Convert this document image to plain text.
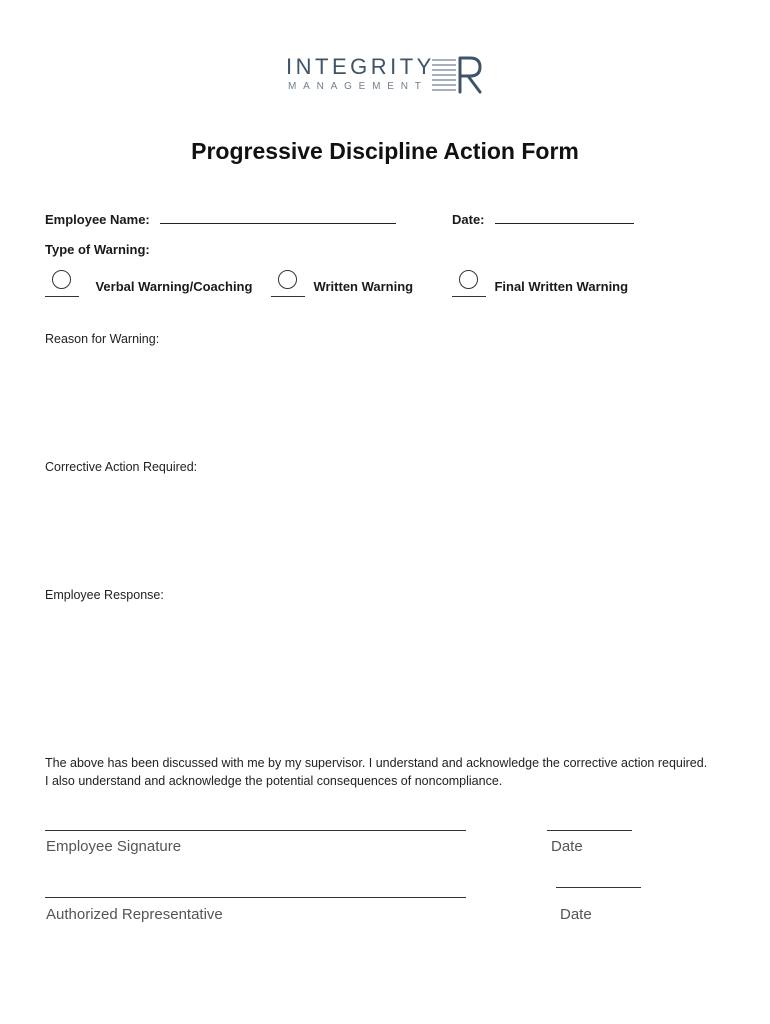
INTEGRITY
MANAGEMENT
Progressive Discipline Action Form
Employee Name:	Date:
Type of Warning:
Verbal Warning/Coaching	Written Warning	Final Written Warning
Reason for Warning:
Corrective Action Required:
Employee Response:
The above has been discussed with me by my supervisor. I understand and acknowledge the corrective action required.
I also understand and acknowledge the potential consequences of noncompliance.
Employee Signature	Date
Authorized Representative	Date
